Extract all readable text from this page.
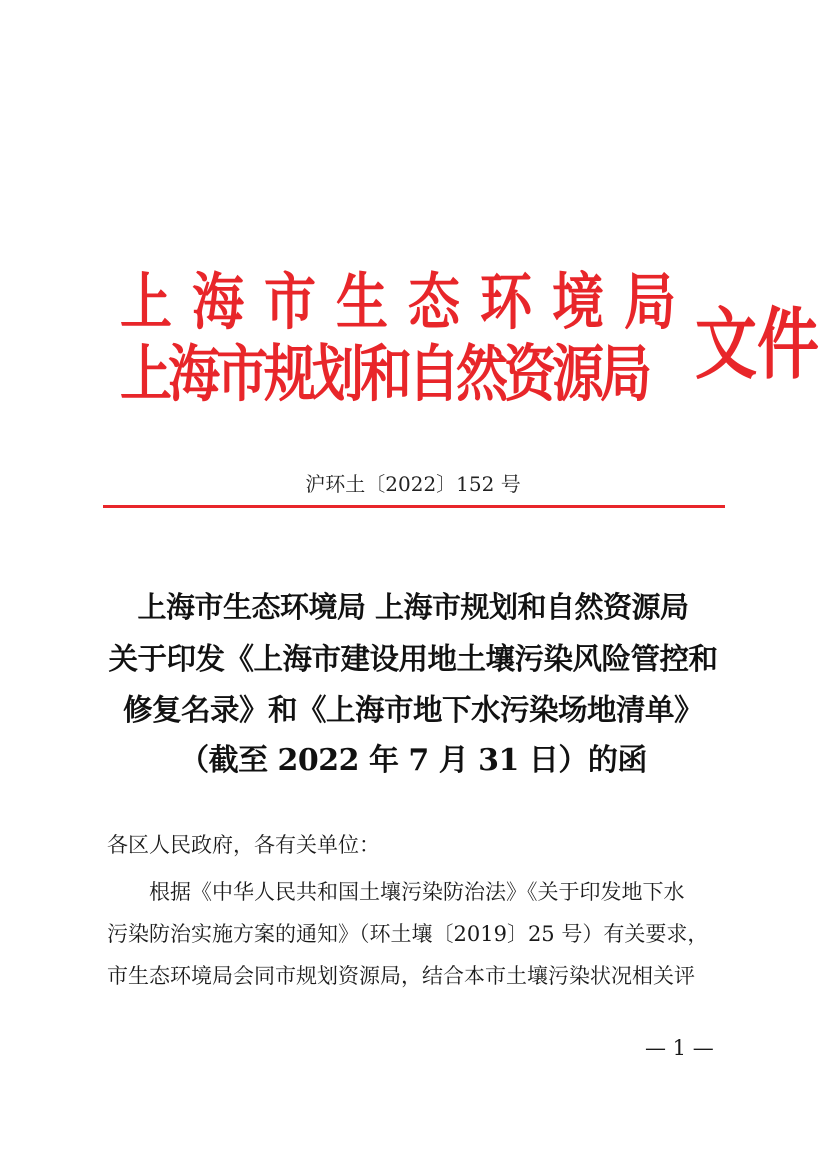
上海市生态环境局
上海市规划和自然资源局 文件
沪环土〔2022〕152 号
上海市生态环境局 上海市规划和自然资源局
关于印发《上海市建设用地土壤污染风险管控和
修复名录》和《上海市地下水污染场地清单》
（截至 2022 年 7 月 31 日）的函
各区人民政府，各有关单位：
根据《中华人民共和国土壤污染防治法》《关于印发地下水
污染防治实施方案的通知》（环土壤〔2019〕25 号）有关要求，
市生态环境局会同市规划资源局，结合本市土壤污染状况相关评
— 1 —
